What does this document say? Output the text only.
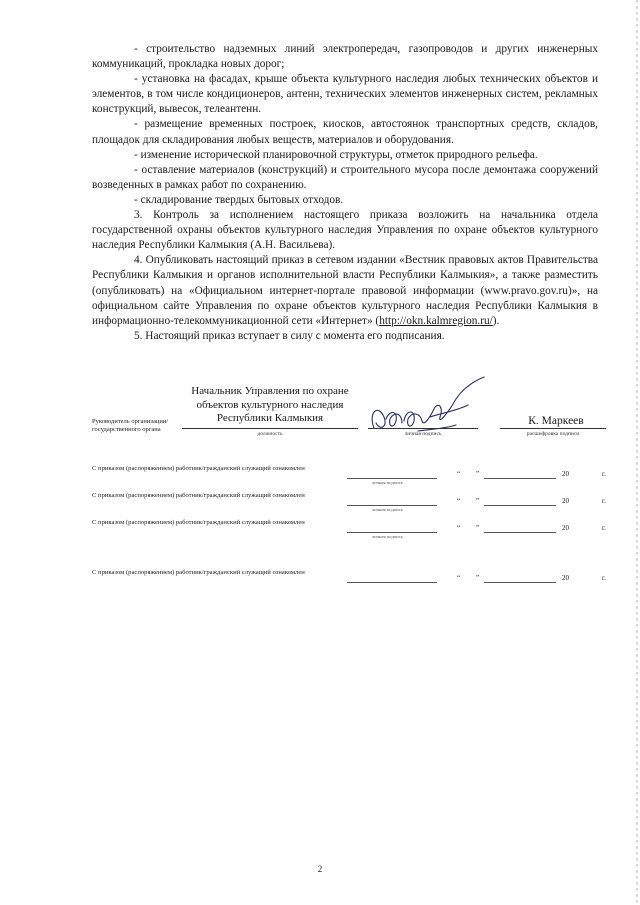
- строительство надземных линий электропередач, газопроводов и других инженерных коммуникаций, прокладка новых дорог;

- установка на фасадах, крыше объекта культурного наследия любых технических объектов и элементов, в том числе кондиционеров, антенн, технических элементов инженерных систем, рекламных конструкций, вывесок, телеантенн.

- размещение временных построек, киосков, автостоянок транспортных средств, складов, площадок для складирования любых веществ, материалов и оборудования.

- изменение исторической планировочной структуры, отметок природного рельефа.

- оставление материалов (конструкций) и строительного мусора после демонтажа сооружений возведенных в рамках работ по сохранению.

- складирование твердых бытовых отходов.

3. Контроль за исполнением настоящего приказа возложить на начальника отдела государственной охраны объектов культурного наследия Управления по охране объектов культурного наследия Республики Калмыкия (А.Н. Васильева).

4. Опубликовать настоящий приказ в сетевом издании «Вестник правовых актов Правительства Республики Калмыкия и органов исполнительной власти Республики Калмыкия», а также разместить (опубликовать) на «Официальном интернет-портале правовой информации (www.pravo.gov.ru)», на официальном сайте Управления по охране объектов культурного наследия Республики Калмыкия в информационно-телекоммуникационной сети «Интернет» (http://okn.kalmregion.ru/).

5. Настоящий приказ вступает в силу с момента его подписания.

Руководитель организации/государственного органа
Начальник Управления по охране
объектов культурного наследия
Республики Калмыкия
должность	личная подпись
К. Маркеев
расшифровка подписи
С приказом (распоряжением) работник/гражданский служащий ознакомлен
личная подпись
“ ”	20	г.
С приказом (распоряжением) работник/гражданский служащий ознакомлен
личная подпись
“ ”	20	г.
С приказом (распоряжением) работник/гражданский служащий ознакомлен
личная подпись
“ ”	20	г.
С приказом (распоряжением) работник/гражданский служащий ознакомлен
“ ”	20	г.
2
